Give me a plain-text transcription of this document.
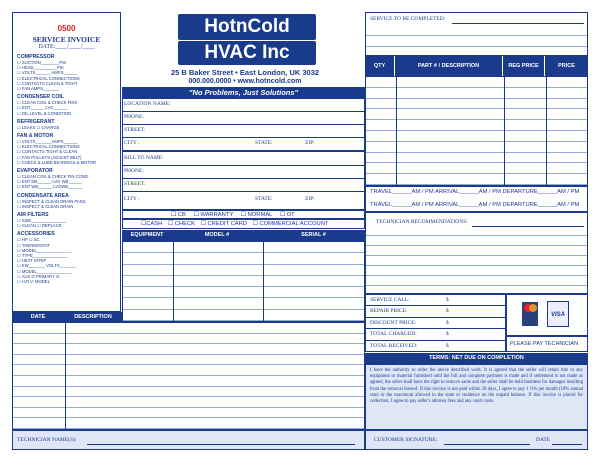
0500
SERVICE INVOICE
DATE:____/____/____
COMPRESSOR
☐ SUCTION________PSI
☐ HEAD__________PSI
☐ VOLTS_______AMPS______
☐ ELECTRICAL CONNECTIONS
☐ CONTACTS CLEAN & TIGHT
☐ FAN AMPS_______
CONDENSER COIL
☐ CLEAN COIL & CHECK FINS
☐ ENT______ LVG______
☐ OIL LEVEL & CONDITION
REFRIGERANT
☐ LEAKS ☐ CHARGE
FAN & MOTOR
☐ VOLTS_______AMPS______
☐ ELECTRICAL CONNECTIONS
☐ CONTACTS TIGHT & CLEAN
☐ FAN PULLEYS (ADJUST BELT)
☐ CHECK & LUBE BEARINGS & MOTOR
EVAPORATOR
☐ CLEAN COIL & CHECK FIN COND.
☐ ENT DB______ LVG WB______
☐ ENT WB______ LVGWB______
CONDENSATE AREA
☐ INSPECT & CLEAN DRAIN PANS
☐ INSPECT & CLEAN DRAIN
AIR FILTERS
☐ SIZE_______________
☐ CLEAN ☐ REPLACE
ACCESSORIES
☐ HP ☐ SC
☐ THERMOSTAT
☐ MODEL_______________
☐ TYPE_______________
☐ HEAT STRIP
☐ KW_______ VOLTS_______
☐ MODEL_______________
☐ AUX O PRIMARY O
☐ H.R.V. MODEL
HotnCold
HVAC Inc
25 B Baker Street • East London, UK 3032
000.000.0000 • www.hotncold.com
"No Problems, Just Solutions"
LOCATION NAME:
PHONE:
STREET:
CITY :	STATE:	ZIP:
BILL TO NAME:
PHONE:
STREET:
CITY :	STATE:	ZIP:
☐ CB ☐ WARRANTY ☐ NORMAL ☐ OT
☐CASH ☐ CHECK ☐ CREDIT CARD ☐ COMMERCIAL ACCOUNT
EQUIPMENT	MODEL #	SERIAL #
DATE	DESCRIPTION
TECHNICIAN NAME(S):
SERVICE TO BE COMPLETED:
QTY	PART # / DESCRIPTION	REG PRICE	PRICE
TRAVEL______AM / PM ARRIVAL______AM / PM DEPARTURE______AM / PM
TRAVEL______AM / PM ARRIVAL______AM / PM DEPARTURE______AM / PM
TECHNICIAN RECOMMENDATIONS:
SERVICE CALL:	$
REPAIR PRICE:	$
DISCOUNT PRICE:	$
TOTAL CHARGED:	$
TOTAL RECEIVED:	$
VISA
PLEASE PAY TECHNICIAN
TERMS: NET DUE ON COMPLETION
I have the authority to order the above described work. It is agreed that the seller will retain title to any equipment or material furnished until the full and complete payment is made and if settlement is not made as agreed, the seller shall have the right to remove same and the seller shall be held harmless for damages resulting from the removal thereof. If this invoice is not paid within 30 days, I agree to pay 1 ½% per month (18% annual rate) or the maximum allowed in the state or residence on the unpaid balance. If this invoice is placed for collection, I agree to pay seller's attorney fees and any court costs.
CUSTOMER SIGNATURE:	DATE
